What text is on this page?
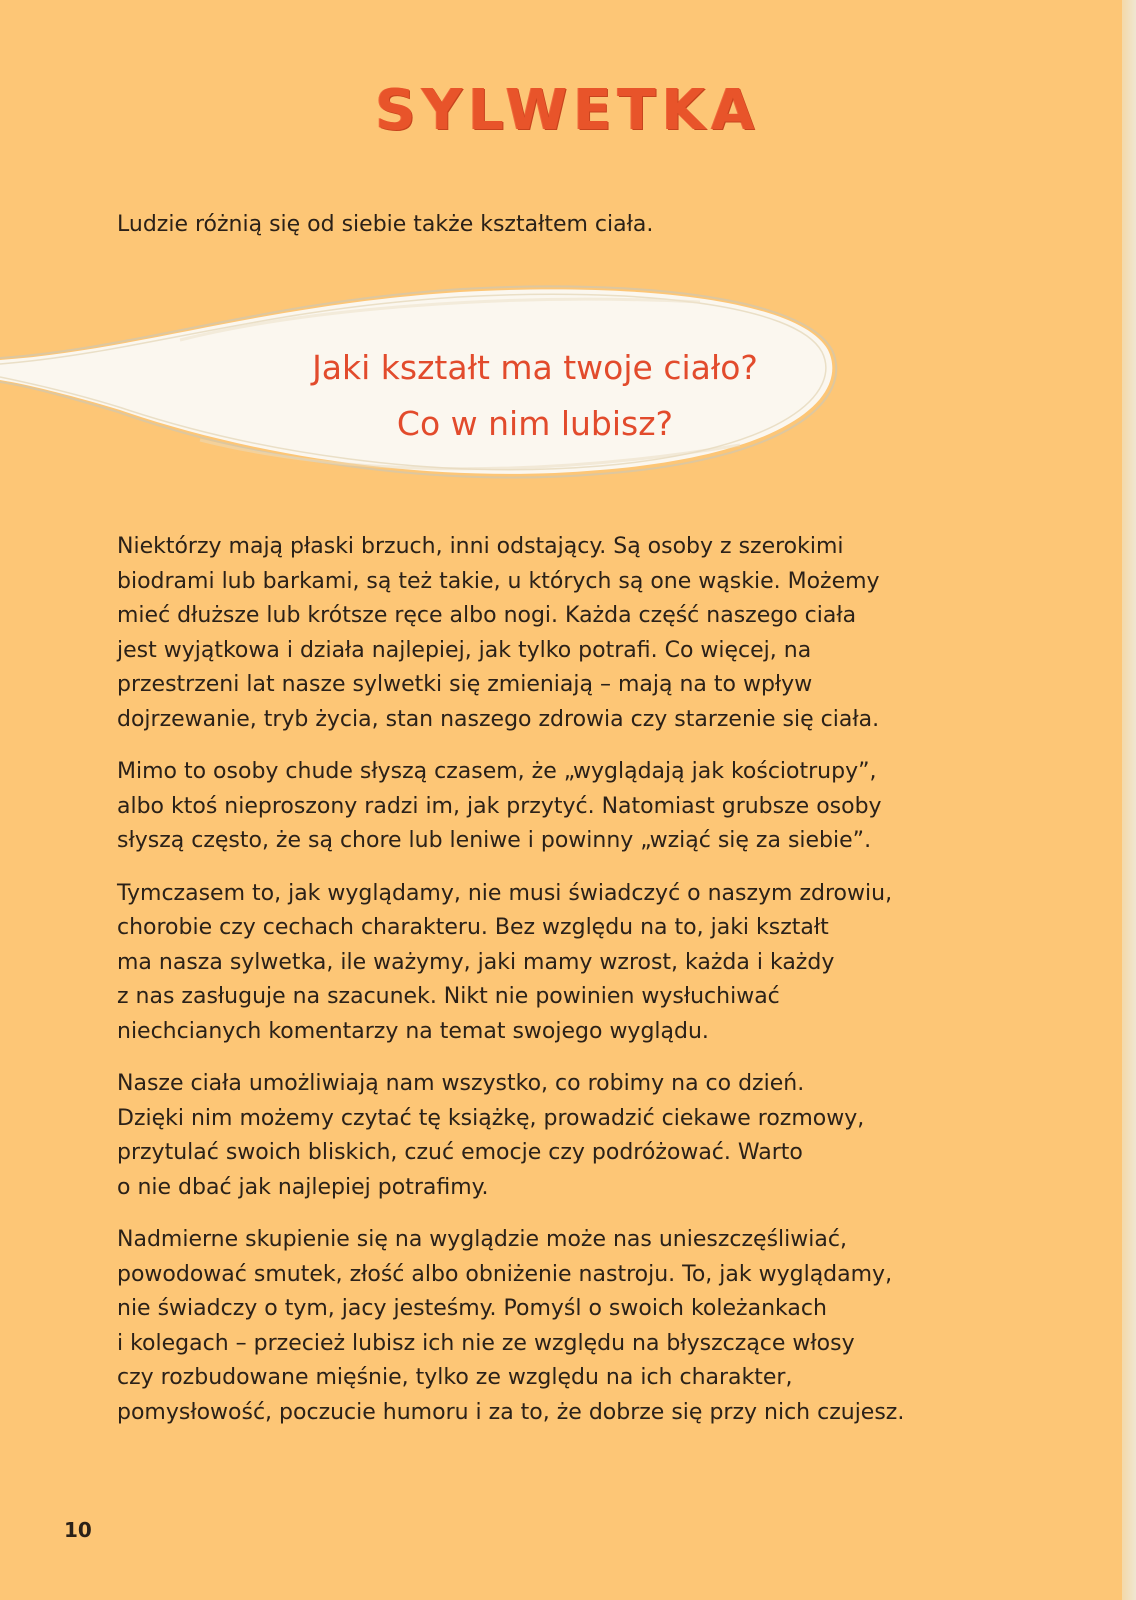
SYLWETKA

Ludzie różnią się od siebie także kształtem ciała.

Jaki kształt ma twoje ciało?
Co w nim lubisz?

Niektórzy mają płaski brzuch, inni odstający. Są osoby z szerokimi
biodrami lub barkami, są też takie, u których są one wąskie. Możemy
mieć dłuższe lub krótsze ręce albo nogi. Każda część naszego ciała
jest wyjątkowa i działa najlepiej, jak tylko potrafi. Co więcej, na
przestrzeni lat nasze sylwetki się zmieniają – mają na to wpływ
dojrzewanie, tryb życia, stan naszego zdrowia czy starzenie się ciała.

Mimo to osoby chude słyszą czasem, że „wyglądają jak kościotrupy”,
albo ktoś nieproszony radzi im, jak przytyć. Natomiast grubsze osoby
słyszą często, że są chore lub leniwe i powinny „wziąć się za siebie”.

Tymczasem to, jak wyglądamy, nie musi świadczyć o naszym zdrowiu,
chorobie czy cechach charakteru. Bez względu na to, jaki kształt
ma nasza sylwetka, ile ważymy, jaki mamy wzrost, każda i każdy
z nas zasługuje na szacunek. Nikt nie powinien wysłuchiwać
niechcianych komentarzy na temat swojego wyglądu.

Nasze ciała umożliwiają nam wszystko, co robimy na co dzień.
Dzięki nim możemy czytać tę książkę, prowadzić ciekawe rozmowy,
przytulać swoich bliskich, czuć emocje czy podróżować. Warto
o nie dbać jak najlepiej potrafimy.

Nadmierne skupienie się na wyglądzie może nas unieszczęśliwiać,
powodować smutek, złość albo obniżenie nastroju. To, jak wyglądamy,
nie świadczy o tym, jacy jesteśmy. Pomyśl o swoich koleżankach
i kolegach – przecież lubisz ich nie ze względu na błyszczące włosy
czy rozbudowane mięśnie, tylko ze względu na ich charakter,
pomysłowość, poczucie humoru i za to, że dobrze się przy nich czujesz.

10
